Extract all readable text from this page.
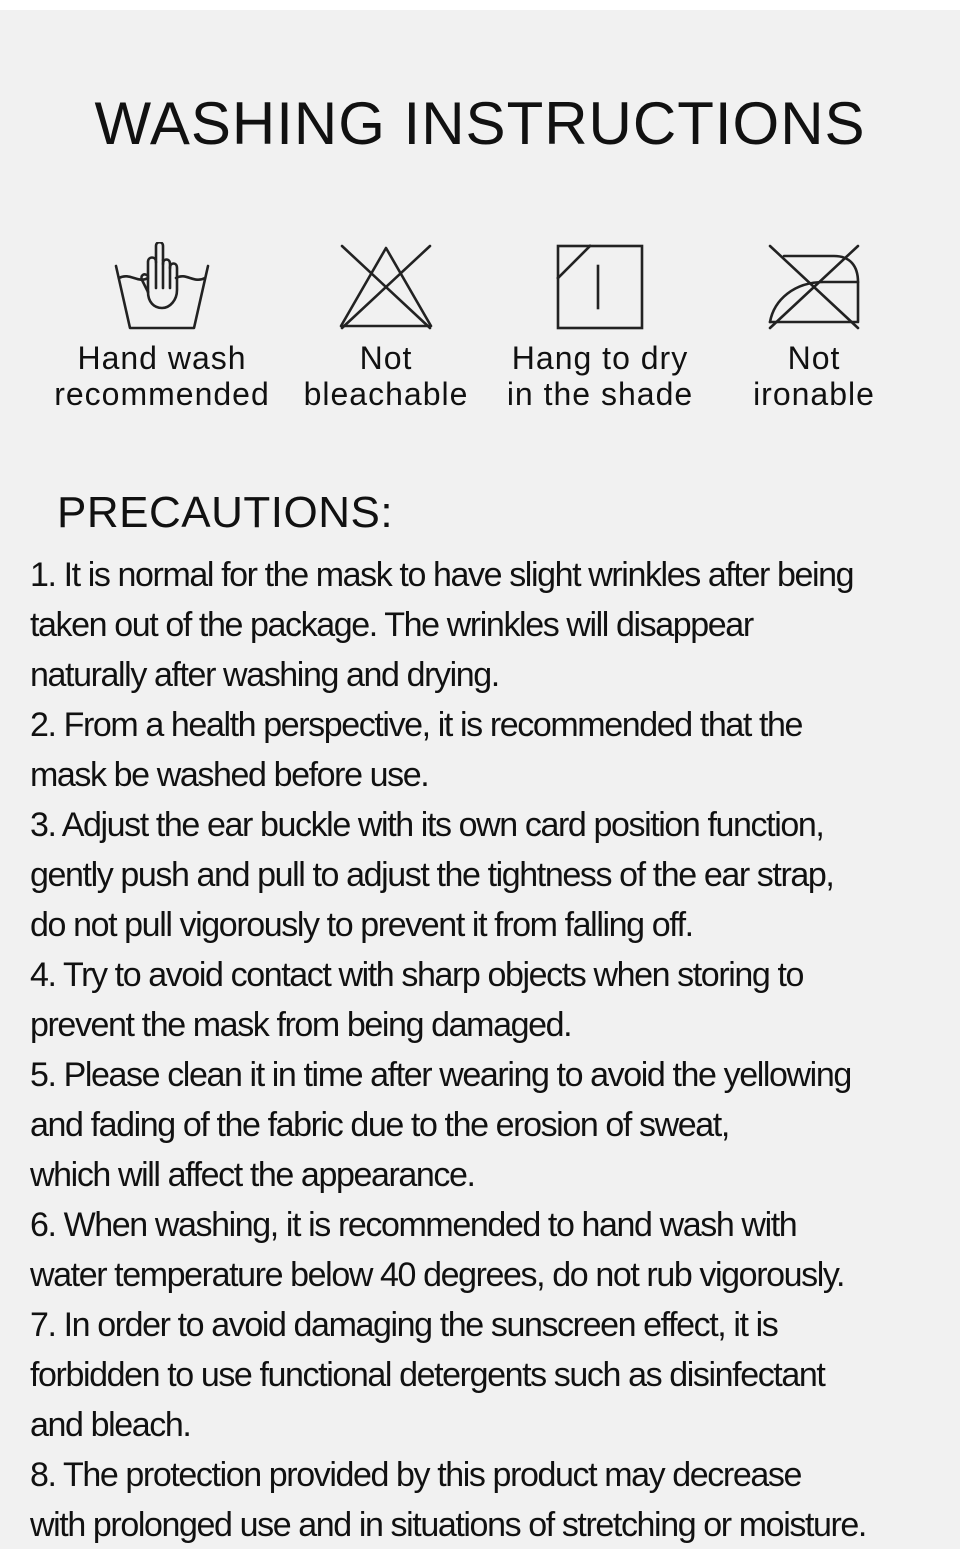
WASHING INSTRUCTIONS
Hand wash
recommended
Not
bleachable
Hang to dry
in the shade
Not
ironable
PRECAUTIONS:
1. It is normal for the mask to have slight wrinkles after being
taken out of the package. The wrinkles will disappear
naturally after washing and drying.
2. From a health perspective, it is recommended that the
mask be washed before use.
3. Adjust the ear buckle with its own card position function,
gently push and pull to adjust the tightness of the ear strap,
do not pull vigorously to prevent it from falling off.
4. Try to avoid contact with sharp objects when storing to
prevent the mask from being damaged.
5. Please clean it in time after wearing to avoid the yellowing
and fading of the fabric due to the erosion of sweat,
which will affect the appearance.
6. When washing, it is recommended to hand wash with
water temperature below 40 degrees, do not rub vigorously.
7. In order to avoid damaging the sunscreen effect, it is
forbidden to use functional detergents such as disinfectant
and bleach.
8. The protection provided by this product may decrease
with prolonged use and in situations of stretching or moisture.
